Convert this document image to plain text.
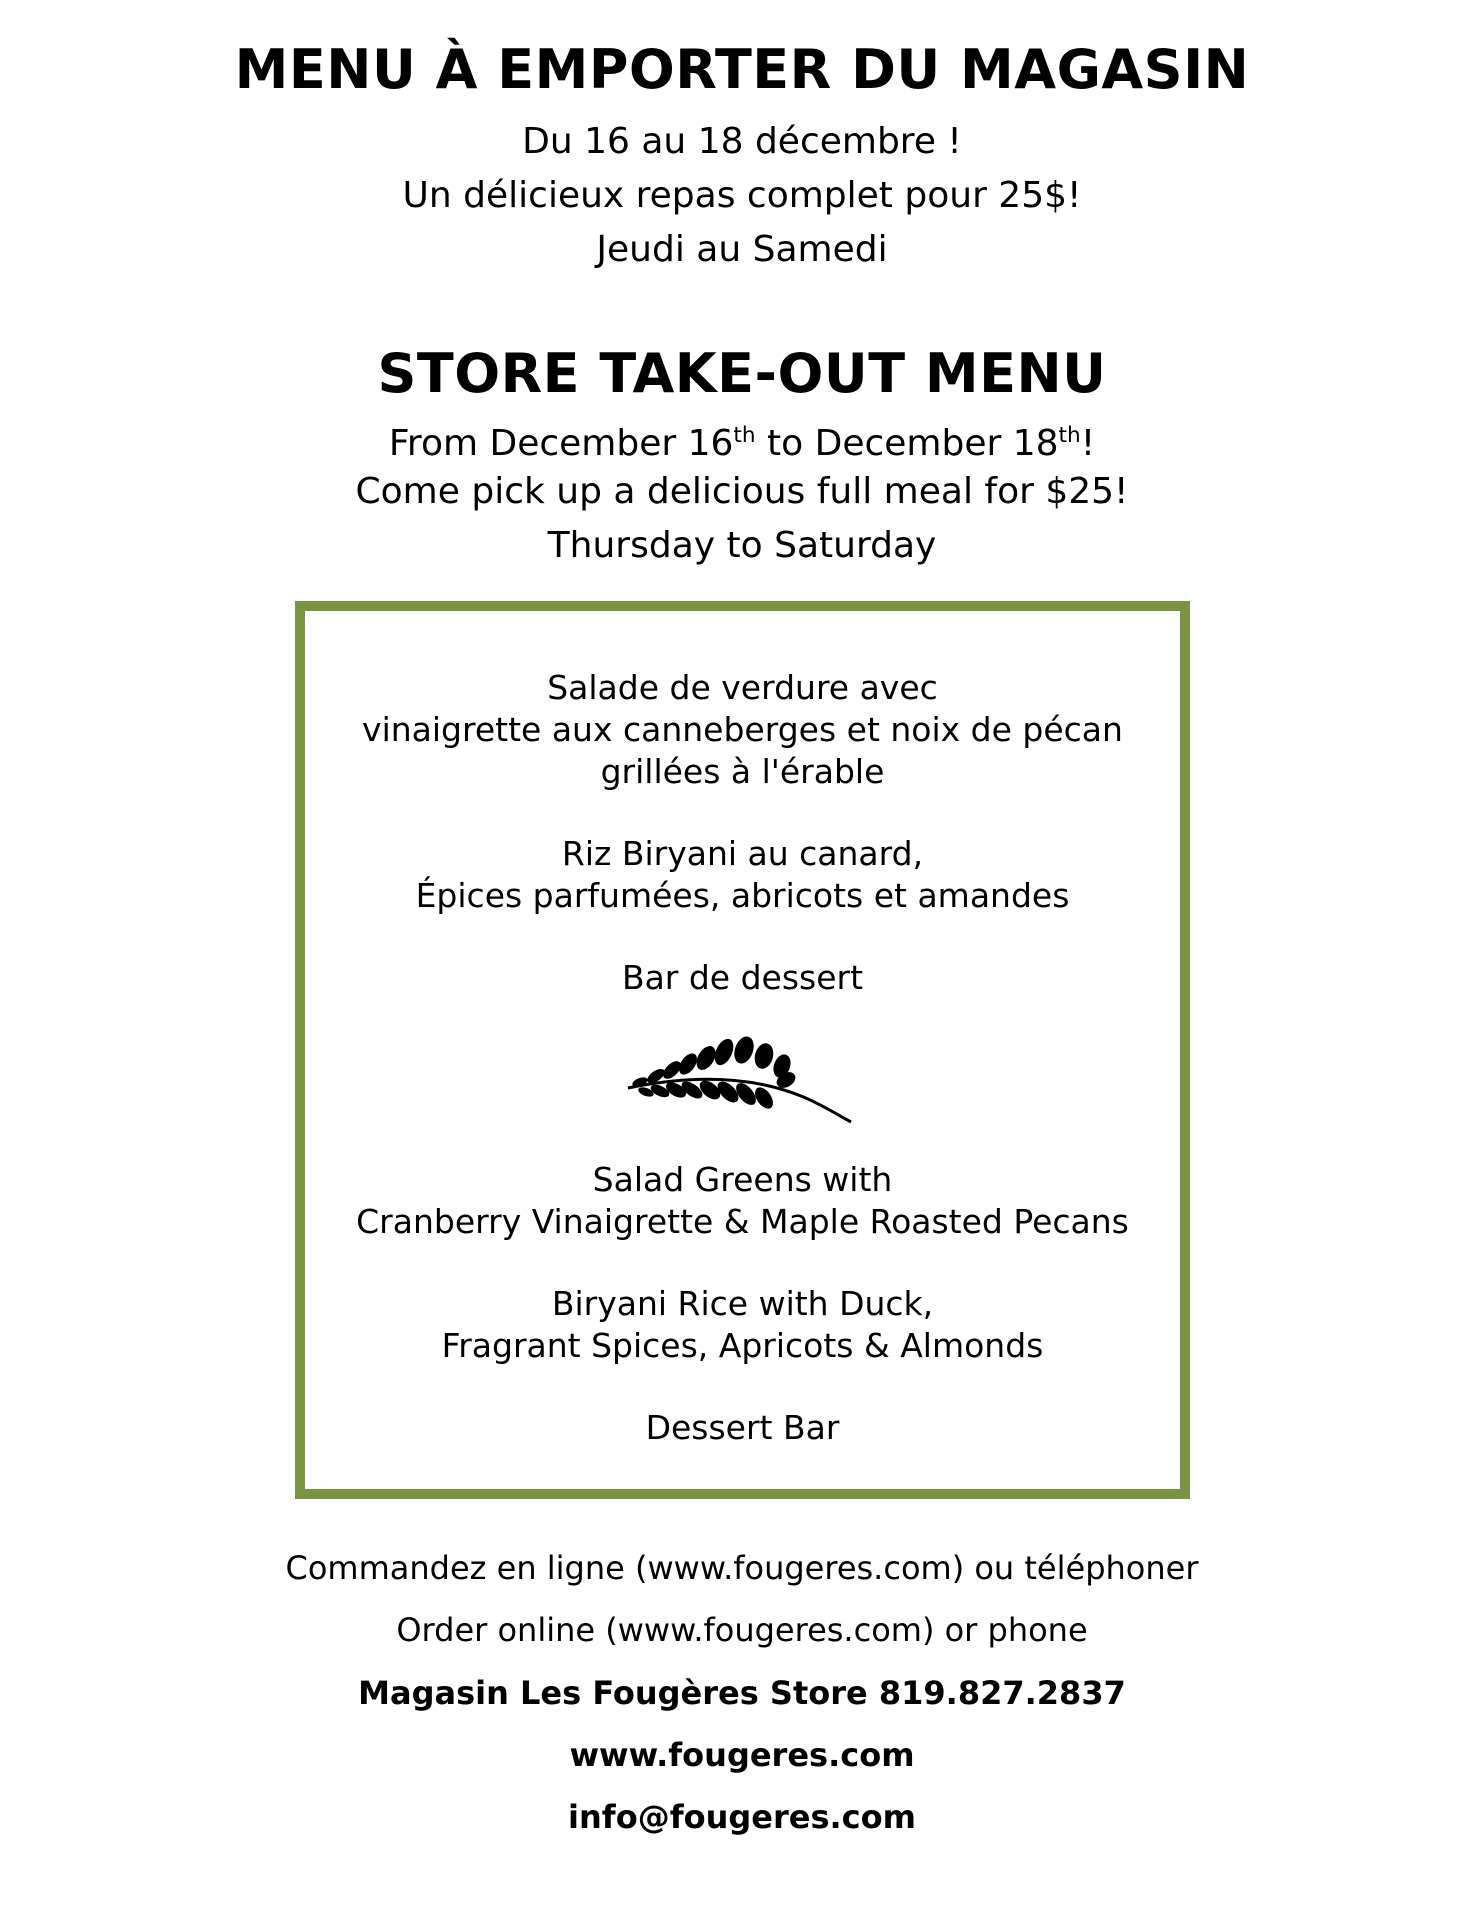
MENU À EMPORTER DU MAGASIN
Du 16 au 18 décembre !
Un délicieux repas complet pour 25$!
Jeudi au Samedi
STORE TAKE-OUT MENU
From December 16th to December 18th!
Come pick up a delicious full meal for $25!
Thursday to Saturday
Salade de verdure avec
vinaigrette aux canneberges et noix de pécan
grillées à l'érable
Riz Biryani au canard,
Épices parfumées, abricots et amandes
Bar de dessert
Salad Greens with
Cranberry Vinaigrette & Maple Roasted Pecans
Biryani Rice with Duck,
Fragrant Spices, Apricots & Almonds
Dessert Bar
Commandez en ligne (www.fougeres.com) ou téléphoner
Order online (www.fougeres.com) or phone
Magasin Les Fougères Store 819.827.2837
www.fougeres.com
info@fougeres.com
